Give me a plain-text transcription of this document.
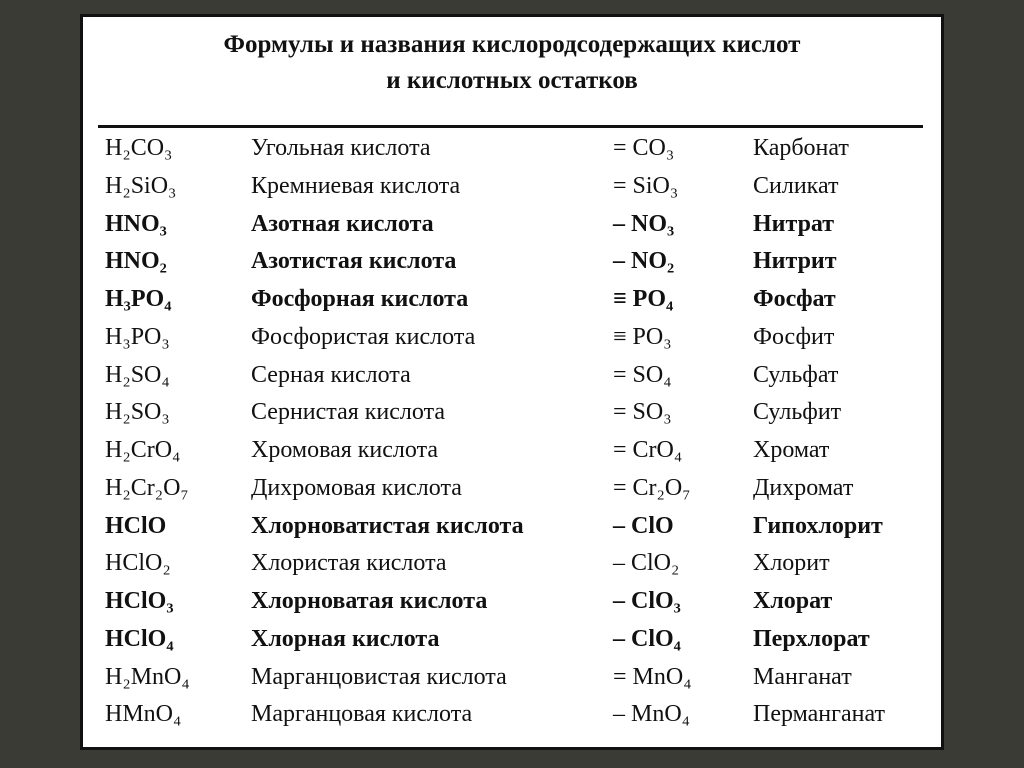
Формулы и названия кислородсодержащих кислот
и кислотных остатков
H₂CO₃	Угольная кислота	= CO₃	Карбонат
H₂SiO₃	Кремниевая кислота	= SiO₃	Силикат
HNO₃	Азотная кислота	– NO₃	Нитрат
HNO₂	Азотистая кислота	– NO₂	Нитрит
H₃PO₄	Фосфорная кислота	≡ PO₄	Фосфат
H₃PO₃	Фосфористая кислота	≡ PO₃	Фосфит
H₂SO₄	Серная кислота	= SO₄	Сульфат
H₂SO₃	Сернистая кислота	= SO₃	Сульфит
H₂CrO₄	Хромовая кислота	= CrO₄	Хромат
H₂Cr₂O₇	Дихромовая кислота	= Cr₂O₇	Дихромат
HClO	Хлорноватистая кислота	– ClO	Гипохлорит
HClO₂	Хлористая кислота	– ClO₂	Хлорит
HClO₃	Хлорноватая кислота	– ClO₃	Хлорат
HClO₄	Хлорная кислота	– ClO₄	Перхлорат
H₂MnO₄	Марганцовистая кислота	= MnO₄	Манганат
HMnO₄	Марганцовая кислота	– MnO₄	Перманганат
